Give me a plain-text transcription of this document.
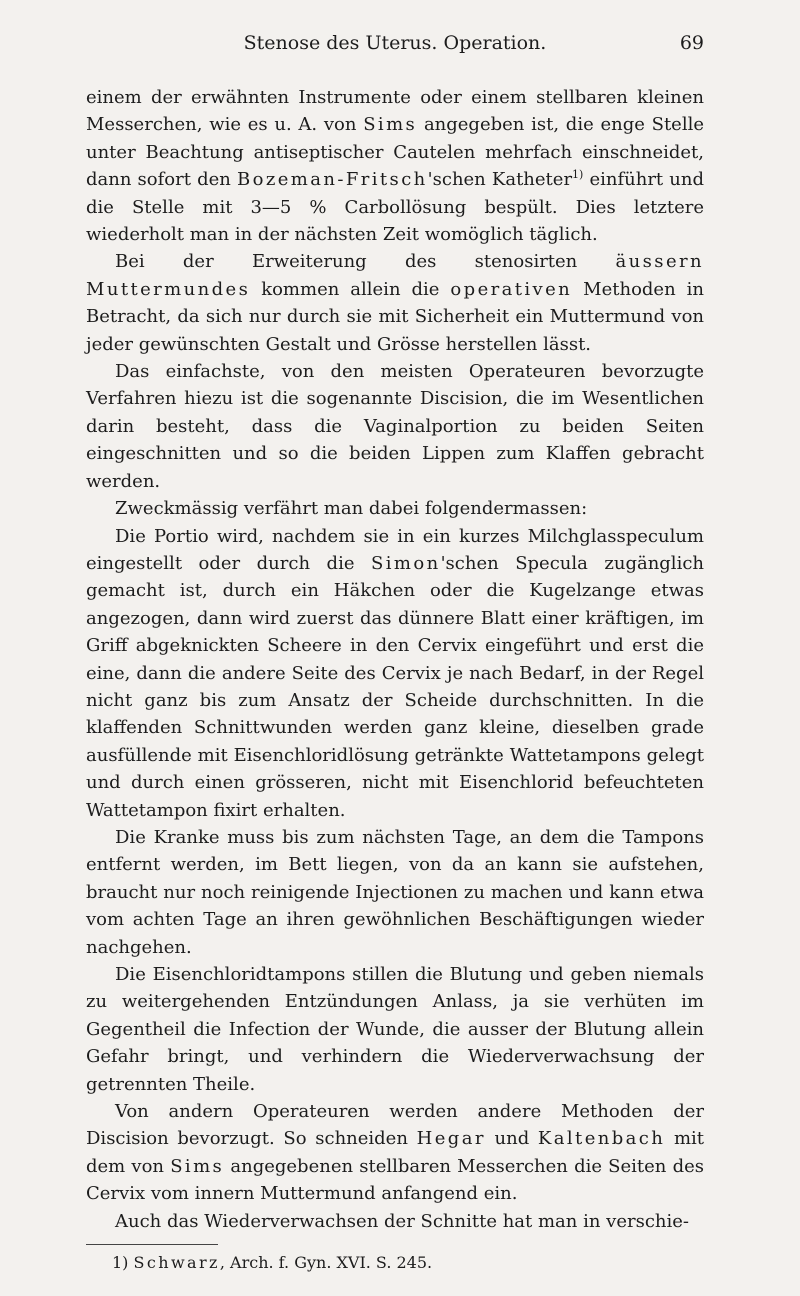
Stenose des Uterus. Operation.	69

einem der erwähnten Instrumente oder einem stellbaren kleinen Messerchen, wie es u. A. von Sims angegeben ist, die enge Stelle unter Beachtung antiseptischer Cautelen mehrfach einschneidet, dann sofort den Bozeman-Fritsch'schen Katheter$^{1)}$ einführt und die Stelle mit 3—5 % Carbollösung bespült. Dies letztere wiederholt man in der nächsten Zeit womöglich täglich.

Bei der Erweiterung des stenosirten äussern Muttermundes kommen allein die operativen Methoden in Betracht, da sich nur durch sie mit Sicherheit ein Muttermund von jeder gewünschten Gestalt und Grösse herstellen lässt.

Das einfachste, von den meisten Operateuren bevorzugte Verfahren hiezu ist die sogenannte Discision, die im Wesentlichen darin besteht, dass die Vaginalportion zu beiden Seiten eingeschnitten und so die beiden Lippen zum Klaffen gebracht werden.

Zweckmässig verfährt man dabei folgendermassen:

Die Portio wird, nachdem sie in ein kurzes Milchglasspeculum eingestellt oder durch die Simon'schen Specula zugänglich gemacht ist, durch ein Häkchen oder die Kugelzange etwas angezogen, dann wird zuerst das dünnere Blatt einer kräftigen, im Griff abgeknickten Scheere in den Cervix eingeführt und erst die eine, dann die andere Seite des Cervix je nach Bedarf, in der Regel nicht ganz bis zum Ansatz der Scheide durchschnitten. In die klaffenden Schnittwunden werden ganz kleine, dieselben grade ausfüllende mit Eisenchloridlösung getränkte Wattetampons gelegt und durch einen grösseren, nicht mit Eisenchlorid befeuchteten Wattetampon fixirt erhalten.

Die Kranke muss bis zum nächsten Tage, an dem die Tampons entfernt werden, im Bett liegen, von da an kann sie aufstehen, braucht nur noch reinigende Injectionen zu machen und kann etwa vom achten Tage an ihren gewöhnlichen Beschäftigungen wieder nachgehen.

Die Eisenchloridtampons stillen die Blutung und geben niemals zu weitergehenden Entzündungen Anlass, ja sie verhüten im Gegentheil die Infection der Wunde, die ausser der Blutung allein Gefahr bringt, und verhindern die Wiederverwachsung der getrennten Theile.

Von andern Operateuren werden andere Methoden der Discision bevorzugt. So schneiden Hegar und Kaltenbach mit dem von Sims angegebenen stellbaren Messerchen die Seiten des Cervix vom innern Muttermund anfangend ein.

Auch das Wiederverwachsen der Schnitte hat man in verschie-

1) Schwarz, Arch. f. Gyn. XVI. S. 245.
